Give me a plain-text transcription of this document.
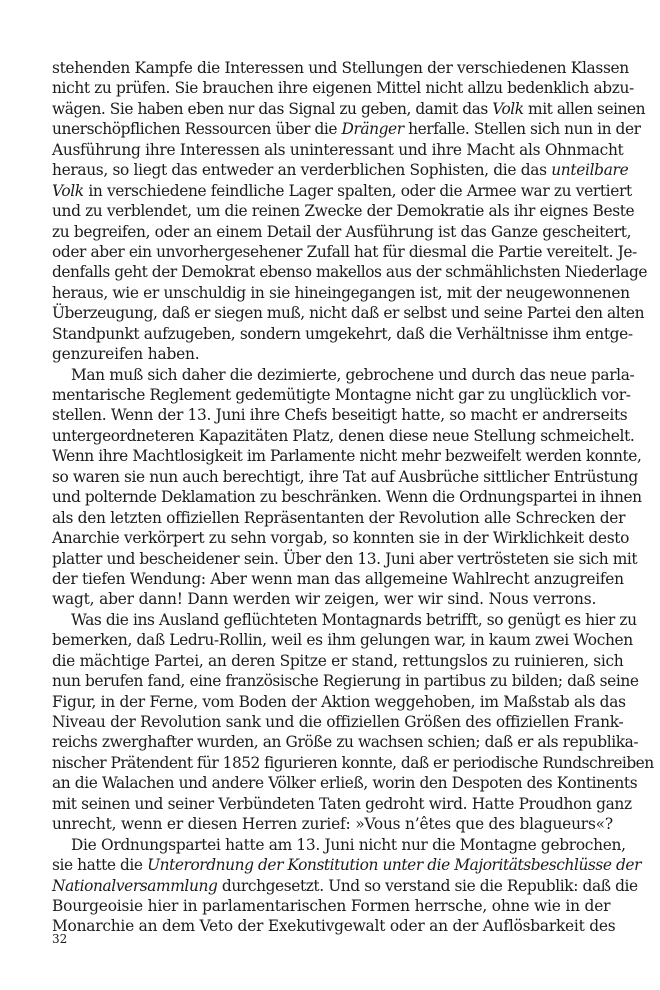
stehenden Kampfe die Interessen und Stellungen der verschiedenen Klassen
nicht zu prüfen. Sie brauchen ihre eigenen Mittel nicht allzu bedenklich abzu-
wägen. Sie haben eben nur das Signal zu geben, damit das Volk mit allen seinen
unerschöpflichen Ressourcen über die Dränger herfalle. Stellen sich nun in der
Ausführung ihre Interessen als uninteressant und ihre Macht als Ohnmacht
heraus, so liegt das entweder an verderblichen Sophisten, die das unteilbare
Volk in verschiedene feindliche Lager spalten, oder die Armee war zu vertiert
und zu verblendet, um die reinen Zwecke der Demokratie als ihr eignes Beste
zu begreifen, oder an einem Detail der Ausführung ist das Ganze gescheitert,
oder aber ein unvorhergesehener Zufall hat für diesmal die Partie vereitelt. Je-
denfalls geht der Demokrat ebenso makellos aus der schmählichsten Niederlage
heraus, wie er unschuldig in sie hineingegangen ist, mit der neugewonnenen
Überzeugung, daß er siegen muß, nicht daß er selbst und seine Partei den alten
Standpunkt aufzugeben, sondern umgekehrt, daß die Verhältnisse ihm entge-
genzureifen haben.
Man muß sich daher die dezimierte, gebrochene und durch das neue parla-
mentarische Reglement gedemütigte Montagne nicht gar zu unglücklich vor-
stellen. Wenn der 13. Juni ihre Chefs beseitigt hatte, so macht er andrerseits
untergeordneteren Kapazitäten Platz, denen diese neue Stellung schmeichelt.
Wenn ihre Machtlosigkeit im Parlamente nicht mehr bezweifelt werden konnte,
so waren sie nun auch berechtigt, ihre Tat auf Ausbrüche sittlicher Entrüstung
und polternde Deklamation zu beschränken. Wenn die Ordnungspartei in ihnen
als den letzten offiziellen Repräsentanten der Revolution alle Schrecken der
Anarchie verkörpert zu sehn vorgab, so konnten sie in der Wirklichkeit desto
platter und bescheidener sein. Über den 13. Juni aber vertrösteten sie sich mit
der tiefen Wendung: Aber wenn man das allgemeine Wahlrecht anzugreifen
wagt, aber dann! Dann werden wir zeigen, wer wir sind. Nous verrons.
Was die ins Ausland geflüchteten Montagnards betrifft, so genügt es hier zu
bemerken, daß Ledru-Rollin, weil es ihm gelungen war, in kaum zwei Wochen
die mächtige Partei, an deren Spitze er stand, rettungslos zu ruinieren, sich
nun berufen fand, eine französische Regierung in partibus zu bilden; daß seine
Figur, in der Ferne, vom Boden der Aktion weggehoben, im Maßstab als das
Niveau der Revolution sank und die offiziellen Größen des offiziellen Frank-
reichs zwerghafter wurden, an Größe zu wachsen schien; daß er als republika-
nischer Prätendent für 1852 figurieren konnte, daß er periodische Rundschreiben
an die Walachen und andere Völker erließ, worin den Despoten des Kontinents
mit seinen und seiner Verbündeten Taten gedroht wird. Hatte Proudhon ganz
unrecht, wenn er diesen Herren zurief: »Vous n’êtes que des blagueurs«?
Die Ordnungspartei hatte am 13. Juni nicht nur die Montagne gebrochen,
sie hatte die Unterordnung der Konstitution unter die Majoritätsbeschlüsse der
Nationalversammlung durchgesetzt. Und so verstand sie die Republik: daß die
Bourgeoisie hier in parlamentarischen Formen herrsche, ohne wie in der
Monarchie an dem Veto der Exekutivgewalt oder an der Auflösbarkeit des
32
